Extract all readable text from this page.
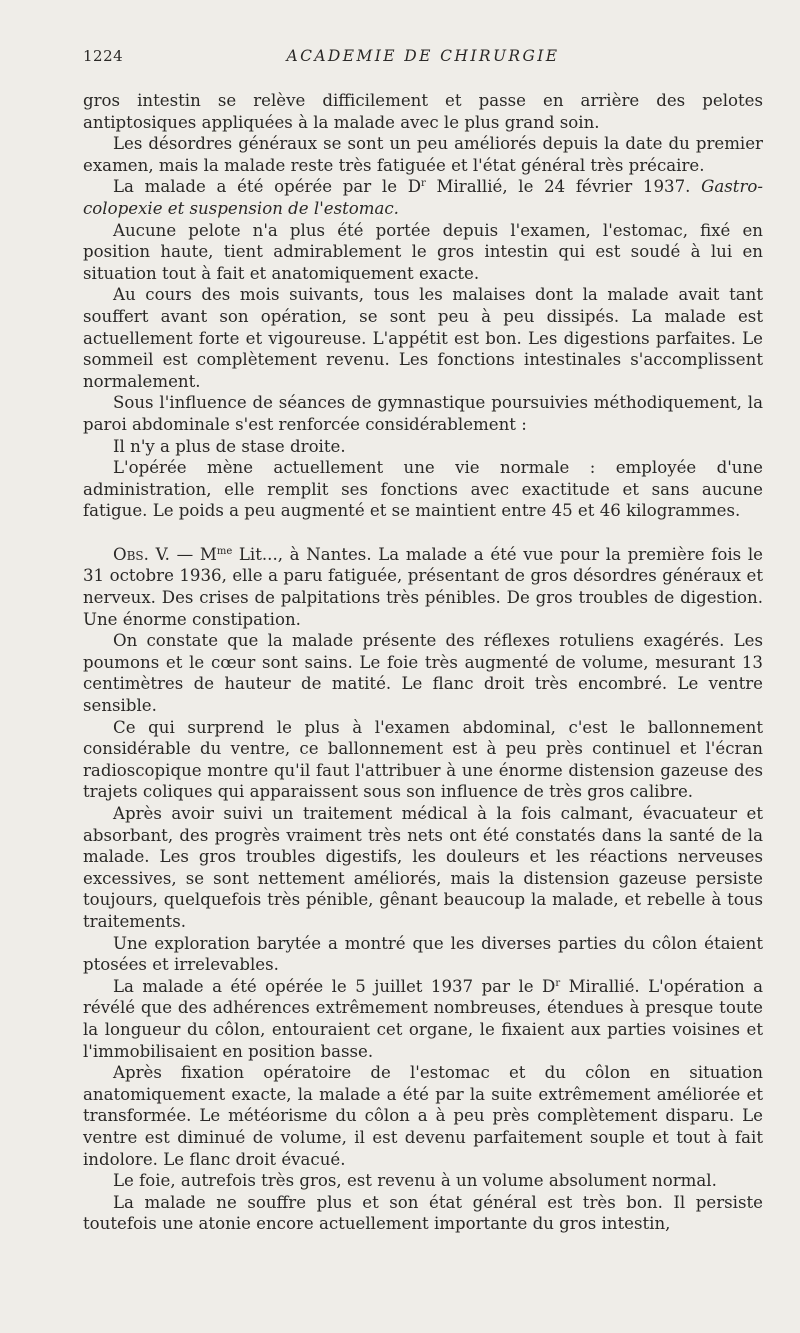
1224	ACADEMIE DE CHIRURGIE

gros intestin se relève difficilement et passe en arrière des pelotes antiptosiques appliquées à la malade avec le plus grand soin.

Les désordres généraux se sont un peu améliorés depuis la date du premier examen, mais la malade reste très fatiguée et l'état général très précaire.

La malade a été opérée par le $D^r$ Mirallié, le 24 février 1937. Gastro-colopexie et suspension de l'estomac.

Aucune pelote n'a plus été portée depuis l'examen, l'estomac, fixé en position haute, tient admirablement le gros intestin qui est soudé à lui en situation tout à fait et anatomiquement exacte.

Au cours des mois suivants, tous les malaises dont la malade avait tant souffert avant son opération, se sont peu à peu dissipés. La malade est actuellement forte et vigoureuse. L'appétit est bon. Les digestions parfaites. Le sommeil est complètement revenu. Les fonctions intestinales s'accomplissent normalement.

Sous l'influence de séances de gymnastique poursuivies méthodiquement, la paroi abdominale s'est renforcée considérablement :

Il n'y a plus de stase droite.

L'opérée mène actuellement une vie normale : employée d'une administration, elle remplit ses fonctions avec exactitude et sans aucune fatigue. Le poids a peu augmenté et se maintient entre 45 et 46 kilogrammes.

Obs. V. — $M^{me}$ Lit..., à Nantes. La malade a été vue pour la première fois le 31 octobre 1936, elle a paru fatiguée, présentant de gros désordres généraux et nerveux. Des crises de palpitations très pénibles. De gros troubles de digestion. Une énorme constipation.

On constate que la malade présente des réflexes rotuliens exagérés. Les poumons et le cœur sont sains. Le foie très augmenté de volume, mesurant 13 centimètres de hauteur de matité. Le flanc droit très encombré. Le ventre sensible.

Ce qui surprend le plus à l'examen abdominal, c'est le ballonnement considérable du ventre, ce ballonnement est à peu près continuel et l'écran radioscopique montre qu'il faut l'attribuer à une énorme distension gazeuse des trajets coliques qui apparaissent sous son influence de très gros calibre.

Après avoir suivi un traitement médical à la fois calmant, évacuateur et absorbant, des progrès vraiment très nets ont été constatés dans la santé de la malade. Les gros troubles digestifs, les douleurs et les réactions nerveuses excessives, se sont nettement améliorés, mais la distension gazeuse persiste toujours, quelquefois très pénible, gênant beaucoup la malade, et rebelle à tous traitements.

Une exploration barytée a montré que les diverses parties du côlon étaient ptosées et irrelevables.

La malade a été opérée le 5 juillet 1937 par le $D^r$ Mirallié. L'opération a révélé que des adhérences extrêmement nombreuses, étendues à presque toute la longueur du côlon, entouraient cet organe, le fixaient aux parties voisines et l'immobilisaient en position basse.

Après fixation opératoire de l'estomac et du côlon en situation anatomiquement exacte, la malade a été par la suite extrêmement améliorée et transformée. Le météorisme du côlon a à peu près complètement disparu. Le ventre est diminué de volume, il est devenu parfaitement souple et tout à fait indolore. Le flanc droit évacué.

Le foie, autrefois très gros, est revenu à un volume absolument normal.

La malade ne souffre plus et son état général est très bon. Il persiste toutefois une atonie encore actuellement importante du gros intestin,
